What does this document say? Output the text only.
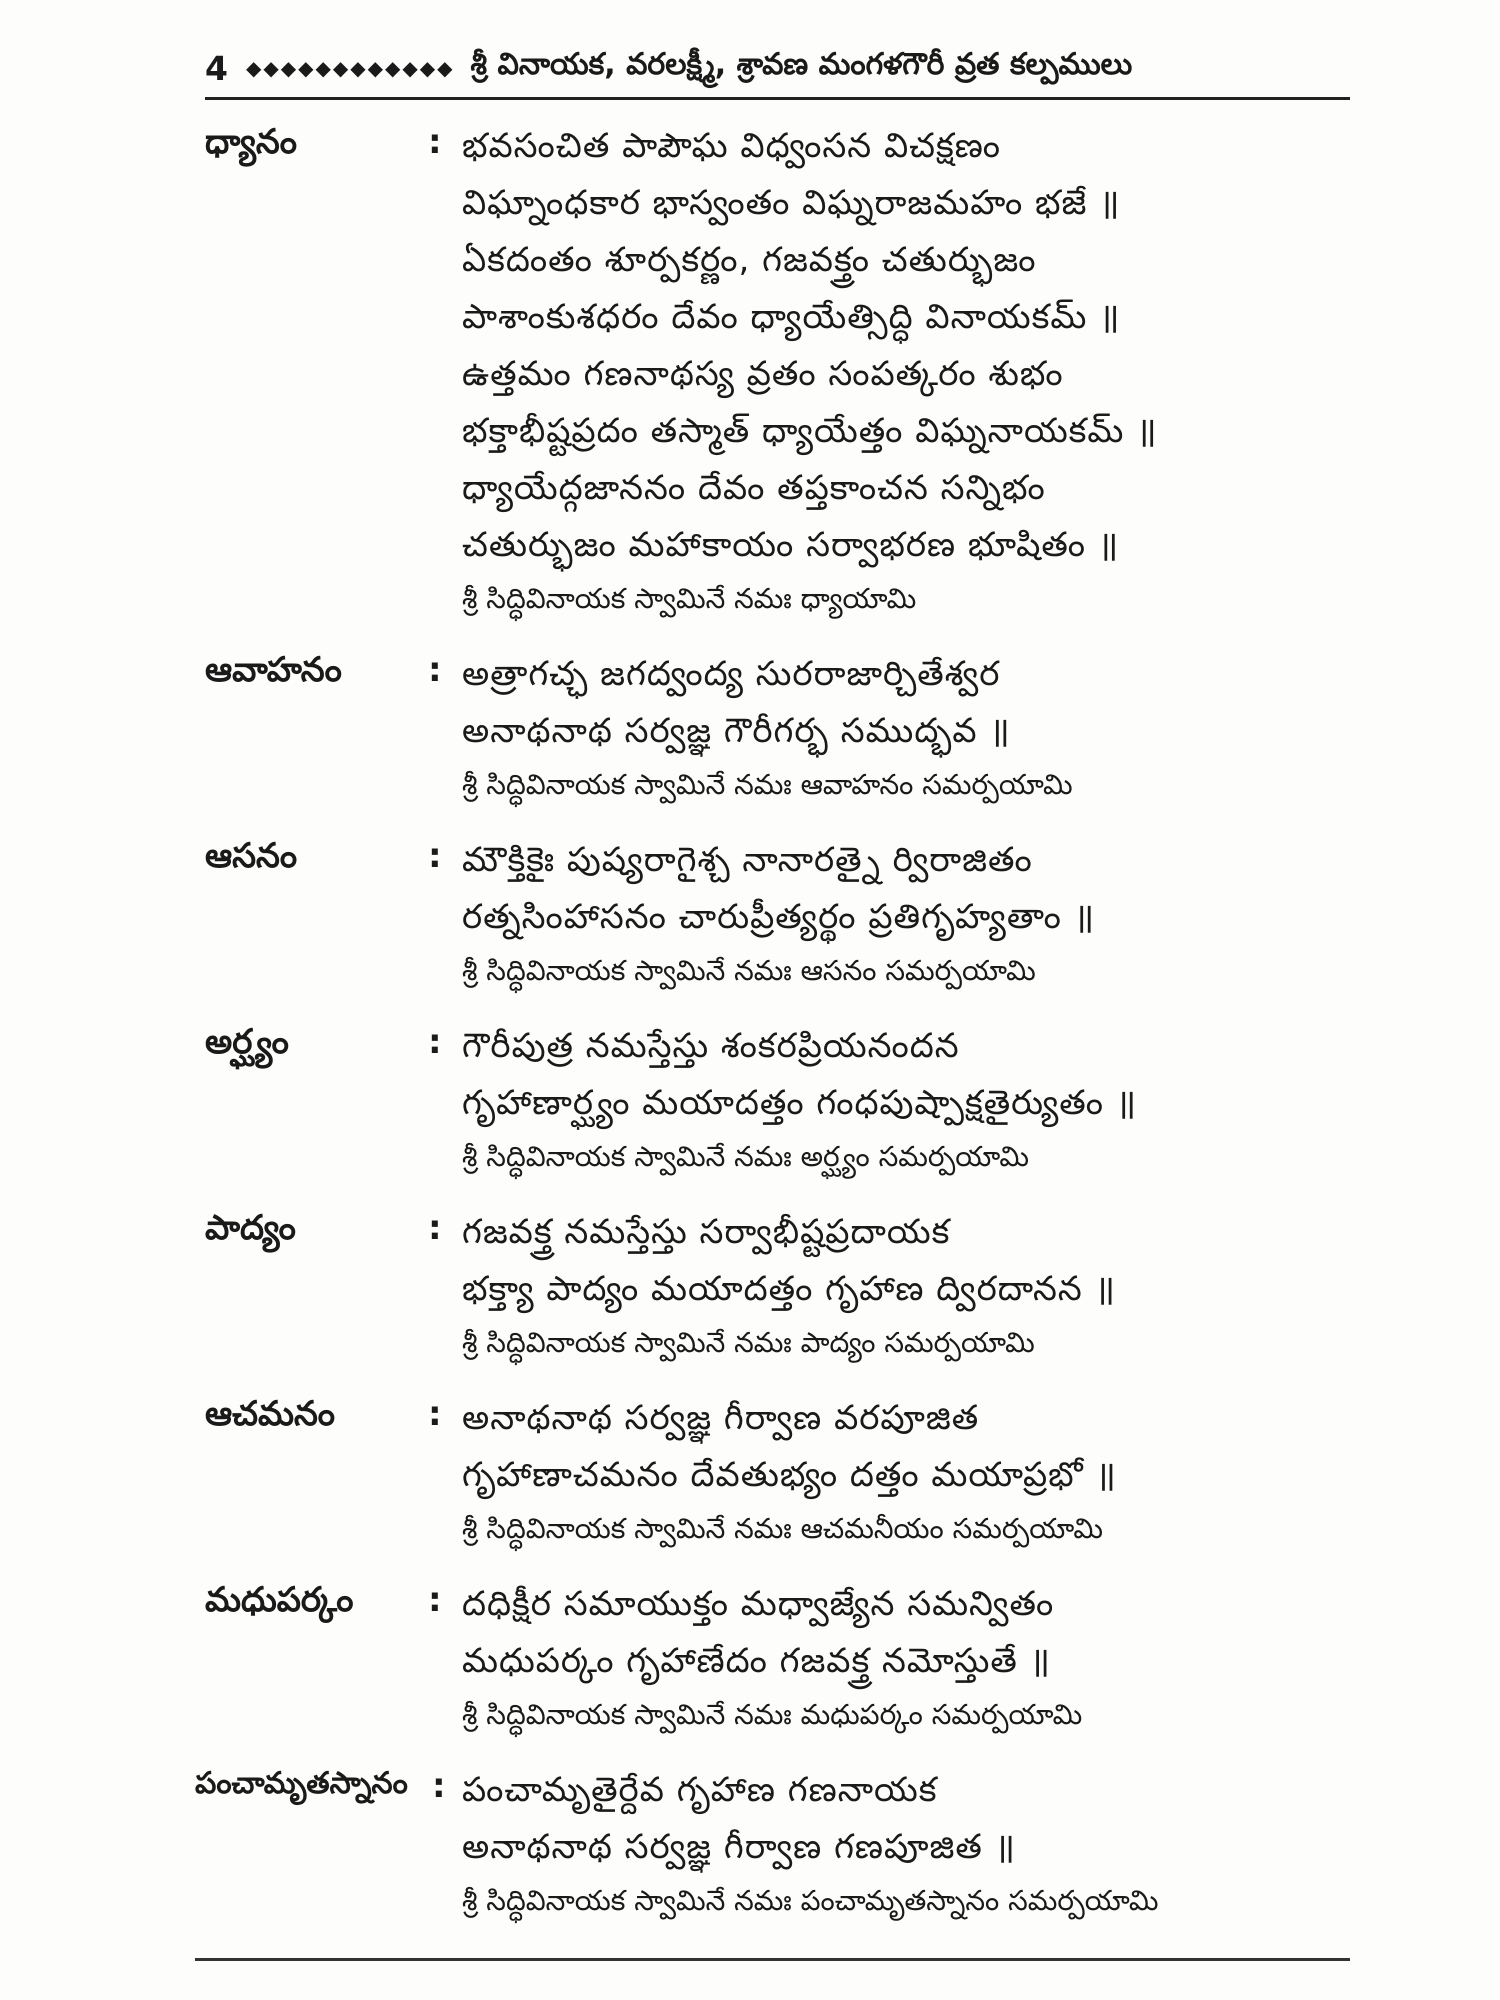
4 ◆◆◆◆◆◆◆◆◆◆◆◆ శ్రీ వినాయక, వరలక్ష్మీ, శ్రావణ మంగళగౌరీ వ్రత కల్పములు
ధ్యానం	: భవసంచిత పాపౌఘ విధ్వంసన విచక్షణం
విఘ్నాంధకార భాస్వంతం విఘ్నరాజమహం భజే ॥
ఏకదంతం శూర్పకర్ణం, గజవక్త్రం చతుర్భుజం
పాశాంకుశధరం దేవం ధ్యాయేత్సిద్ధి వినాయకమ్ ॥
ఉత్తమం గణనాథస్య వ్రతం సంపత్కరం శుభం
భక్తాభీష్టప్రదం తస్మాత్ ధ్యాయేత్తం విఘ్ననాయకమ్ ॥
ధ్యాయేద్గజాననం దేవం తప్తకాంచన సన్నిభం
చతుర్భుజం మహాకాయం సర్వాభరణ భూషితం ॥
శ్రీ సిద్ధివినాయక స్వామినే నమః ధ్యాయామి
ఆవాహనం	: అత్రాగచ్ఛ జగద్వంద్య సురరాజార్చితేశ్వర
అనాథనాథ సర్వజ్ఞ గౌరీగర్భ సముద్భవ ॥
శ్రీ సిద్ధివినాయక స్వామినే నమః ఆవాహనం సమర్పయామి
ఆసనం	: మౌక్తికైః పుష్యరాగైశ్చ నానారత్నై ర్విరాజితం
రత్నసింహాసనం చారుప్రీత్యర్థం ప్రతిగృహ్యతాం ॥
శ్రీ సిద్ధివినాయక స్వామినే నమః ఆసనం సమర్పయామి
అర్ఘ్యం	: గౌరీపుత్ర నమస్తేస్తు శంకరప్రియనందన
గృహాణార్ఘ్యం మయాదత్తం గంధపుష్పాక్షతైర్యుతం ॥
శ్రీ సిద్ధివినాయక స్వామినే నమః అర్ఘ్యం సమర్పయామి
పాద్యం	: గజవక్త్ర నమస్తేస్తు సర్వాభీష్టప్రదాయక
భక్త్యా పాద్యం మయాదత్తం గృహాణ ద్విరదానన ॥
శ్రీ సిద్ధివినాయక స్వామినే నమః పాద్యం సమర్పయామి
ఆచమనం	: అనాథనాథ సర్వజ్ఞ గీర్వాణ వరపూజిత
గృహాణాచమనం దేవతుభ్యం దత్తం మయాప్రభో ॥
శ్రీ సిద్ధివినాయక స్వామినే నమః ఆచమనీయం సమర్పయామి
మధుపర్కం : దధిక్షీర సమాయుక్తం మధ్వాజ్యేన సమన్వితం
మధుపర్కం గృహాణేదం గజవక్త్ర నమోస్తుతే ॥
శ్రీ సిద్ధివినాయక స్వామినే నమః మధుపర్కం సమర్పయామి
పంచామృతస్నానం : పంచామృతైర్దేవ గృహాణ గణనాయక
అనాథనాథ సర్వజ్ఞ గీర్వాణ గణపూజిత ॥
శ్రీ సిద్ధివినాయక స్వామినే నమః పంచామృతస్నానం సమర్పయామి
